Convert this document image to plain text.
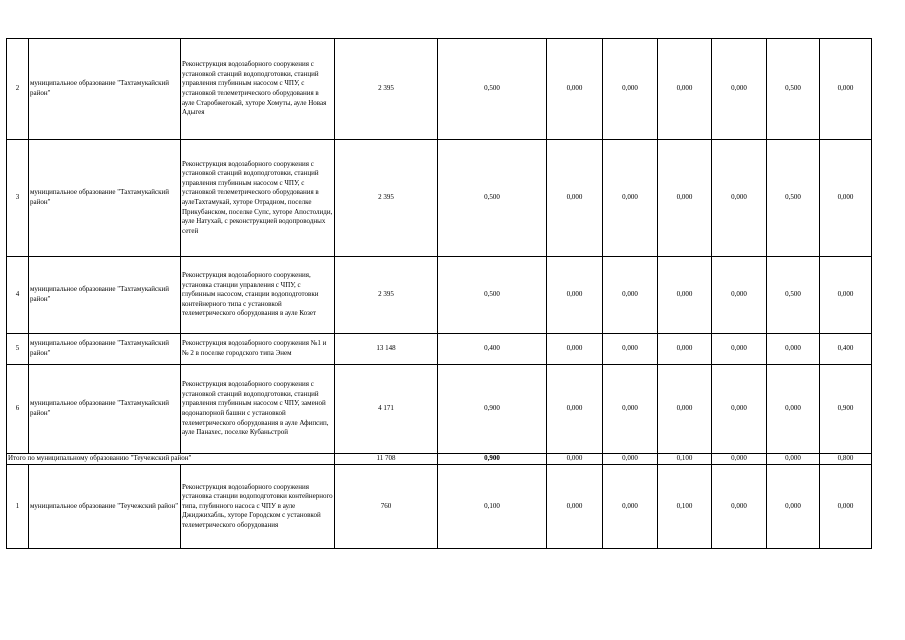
2	муниципальное образование "Тахтамукайский район"	Реконструкция водозаборного сооружения с установкой станций водоподготовки, станций управления глубинным насосом с ЧПУ, с установкой телеметрического оборудования в ауле Старобжегокай, хуторе Хомуты, ауле Новая Адыгея	2 395	0,500	0,000	0,000	0,000	0,000	0,500	0,000
3	муниципальное образование "Тахтамукайский район"	Реконструкция водозаборного сооружения с установкой станций водоподготовки, станций управления глубинным насосом с ЧПУ, с установкой телеметрического оборудования в аулеТахтамукай, хуторе Отрадном, поселке Прикубанском, поселке Супс, хуторе Апостолиди, ауле Натухай, с реконструкцией водопроводных сетей	2 395	0,500	0,000	0,000	0,000	0,000	0,500	0,000
4	муниципальное образование "Тахтамукайский район"	Реконструкция водозаборного сооружения, установка станции управления с ЧПУ, с глубинным насосом, станции водоподготовки контейнерного типа с установкой телеметрического оборудования в ауле Козет	2 395	0,500	0,000	0,000	0,000	0,000	0,500	0,000
5	муниципальное образование "Тахтамукайский район"	Реконструкция водозаборного сооружения №1 и № 2 в поселке городского типа Энем	13 148	0,400	0,000	0,000	0,000	0,000	0,000	0,400
6	муниципальное образование "Тахтамукайский район"	Реконструкция водозаборного сооружения с установкой станций водоподготовки, станций управления глубинным насосом с ЧПУ, заменой водонапорной башни с установкой телеметрического оборудования в ауле Афипсип, ауле Панахес, поселке Кубаньстрой	4 171	0,900	0,000	0,000	0,000	0,000	0,000	0,900
Итого по муниципальному образованию "Теучежский район"			11 708	0,900	0,000	0,000	0,100	0,000	0,000	0,800
1	муниципальное образование "Теучежский район"	Реконструкция водозаборного сооружения установка станции водоподготовки контейнерного типа, глубинного насоса с ЧПУ в ауле Джиджихабль, хуторе Городском с установкой телеметрического оборудования	760	0,100	0,000	0,000	0,100	0,000	0,000	0,000
